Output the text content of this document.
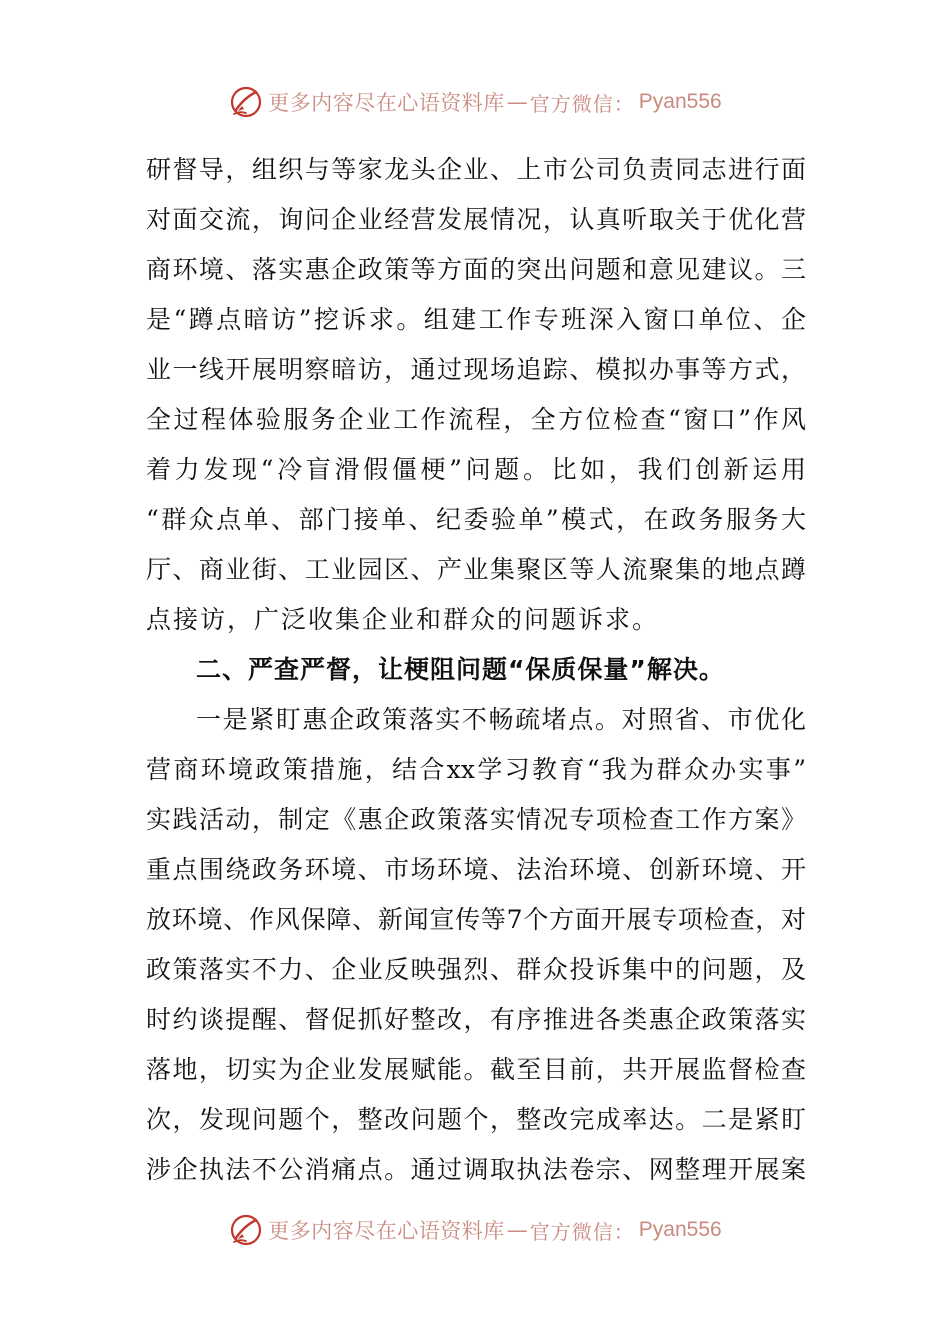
更多内容尽在心语资料库 — 官方微信： Pyan556
研督导，组织与等家龙头企业、上市公司负责同志进行面
对面交流，询问企业经营发展情况，认真听取关于优化营
商环境、落实惠企政策等方面的突出问题和意见建议。三
是“蹲点暗访”挖诉求。组建工作专班深入窗口单位、企
业一线开展明察暗访，通过现场追踪、模拟办事等方式，
全过程体验服务企业工作流程，全方位检查“窗口”作风
着力发现“冷盲滑假僵梗”问题。比如，我们创新运用
“群众点单、部门接单、纪委验单”模式，在政务服务大
厅、商业街、工业园区、产业集聚区等人流聚集的地点蹲
点接访，广泛收集企业和群众的问题诉求。
二、严查严督，让梗阻问题“保质保量”解决。
一是紧盯惠企政策落实不畅疏堵点。对照省、市优化
营商环境政策措施，结合xx学习教育“我为群众办实事”
实践活动，制定《惠企政策落实情况专项检查工作方案》
重点围绕政务环境、市场环境、法治环境、创新环境、开
放环境、作风保障、新闻宣传等7个方面开展专项检查，对
政策落实不力、企业反映强烈、群众投诉集中的问题，及
时约谈提醒、督促抓好整改，有序推进各类惠企政策落实
落地，切实为企业发展赋能。截至目前，共开展监督检查
次，发现问题个，整改问题个，整改完成率达。二是紧盯
涉企执法不公消痛点。通过调取执法卷宗、网整理开展案
更多内容尽在心语资料库 — 官方微信： Pyan556
